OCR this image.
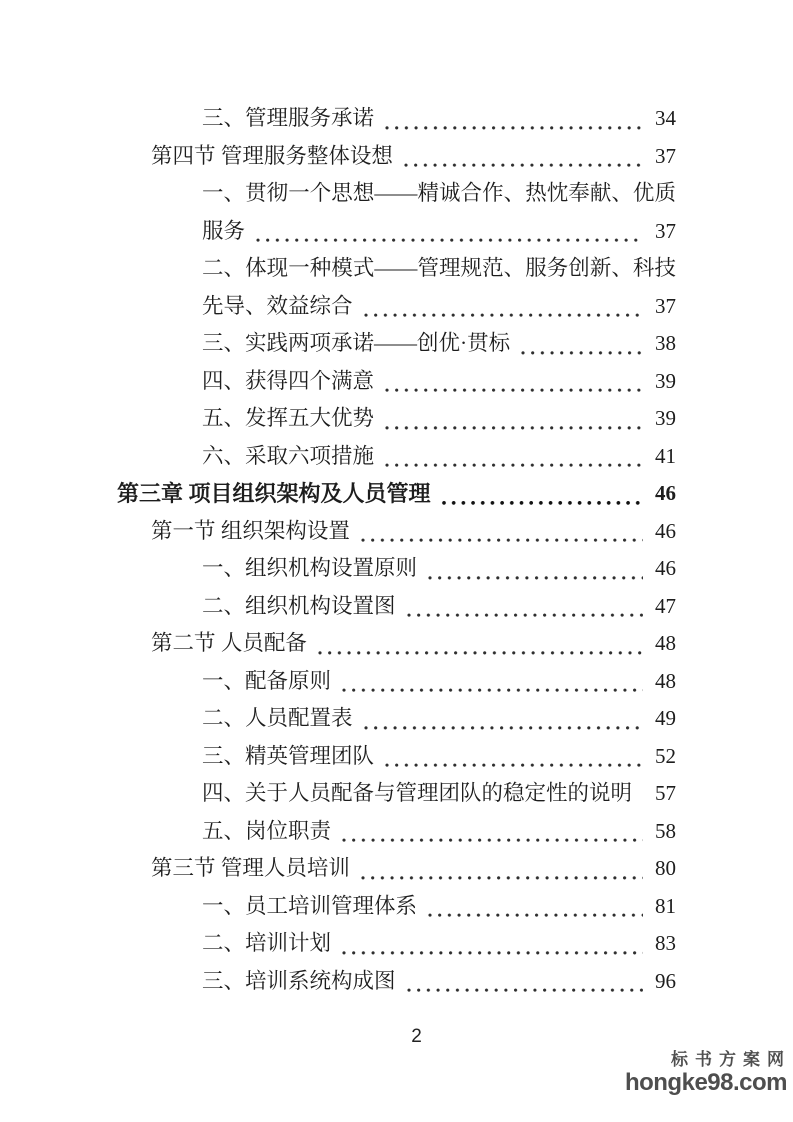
三、管理服务承诺	34
第四节 管理服务整体设想	37
一、贯彻一个思想——精诚合作、热忱奉献、优质
服务	37
二、体现一种模式——管理规范、服务创新、科技
先导、效益综合	37
三、实践两项承诺——创优·贯标	38
四、获得四个满意	39
五、发挥五大优势	39
六、采取六项措施	41
第三章 项目组织架构及人员管理	46
第一节 组织架构设置	46
一、组织机构设置原则	46
二、组织机构设置图	47
第二节 人员配备	48
一、配备原则	48
二、人员配置表	49
三、精英管理团队	52
四、关于人员配备与管理团队的稳定性的说明 57
五、岗位职责	58
第三节 管理人员培训	80
一、员工培训管理体系	81
二、培训计划	83
三、培训系统构成图	96
2
标书方案网
hongke98.com
